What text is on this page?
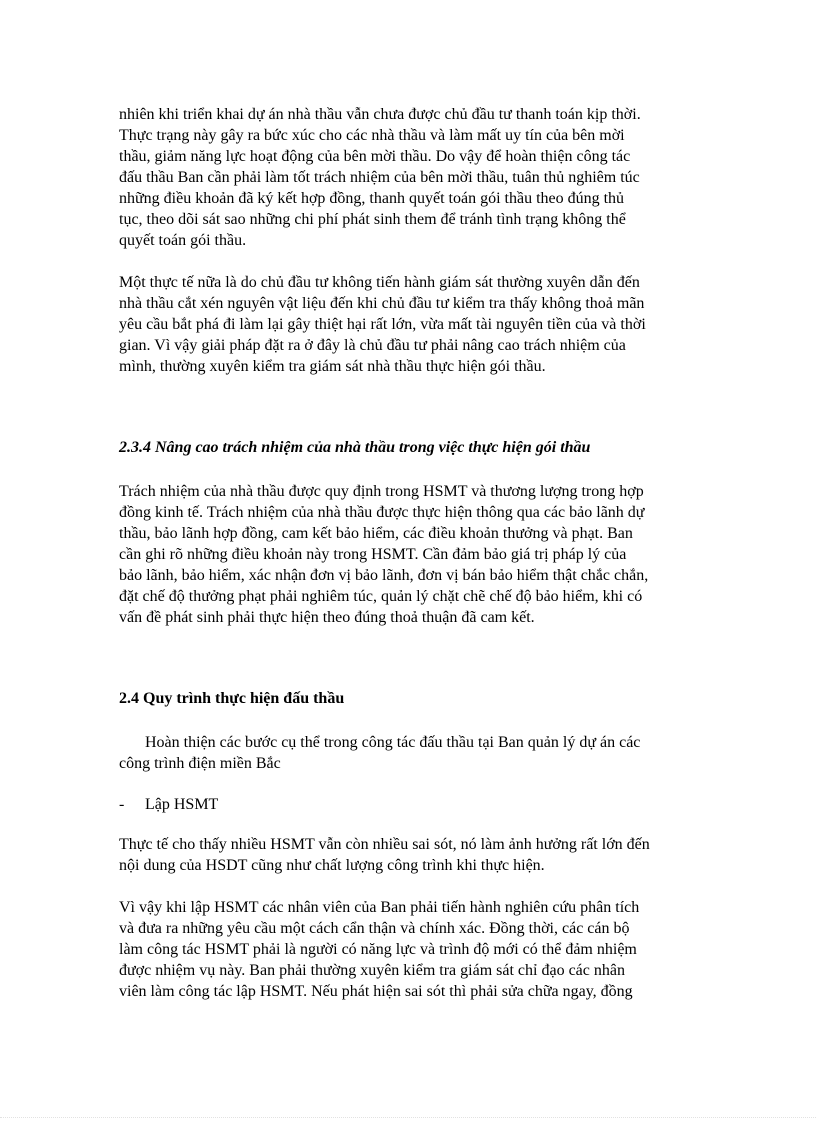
nhiên khi triển khai dự án nhà thầu vẫn chưa được chủ đầu tư thanh toán kịp thời.
Thực trạng này gây ra bức xúc cho các nhà thầu và làm mất uy tín của bên mời
thầu, giảm năng lực hoạt động của bên mời thầu. Do vậy để hoàn thiện công tác
đấu thầu Ban cần phải làm tốt trách nhiệm của bên mời thầu, tuân thủ nghiêm túc
những điều khoản đã ký kết hợp đồng, thanh quyết toán gói thầu theo đúng thủ
tục, theo dõi sát sao những chi phí phát sinh them để tránh tình trạng không thể
quyết toán gói thầu.
Một thực tế nữa là do chủ đầu tư không tiến hành giám sát thường xuyên dẫn đến
nhà thầu cắt xén nguyên vật liệu đến khi chủ đầu tư kiểm tra thấy không thoả mãn
yêu cầu bắt phá đi làm lại gây thiệt hại rất lớn, vừa mất tài nguyên tiền của và thời
gian. Vì vậy giải pháp đặt ra ở đây là chủ đầu tư phải nâng cao trách nhiệm của
mình, thường xuyên kiểm tra giám sát nhà thầu thực hiện gói thầu.
2.3.4 Nâng cao trách nhiệm của nhà thầu trong việc thực hiện gói thầu
Trách nhiệm của nhà thầu được quy định trong HSMT và thương lượng trong hợp
đồng kinh tế. Trách nhiệm của nhà thầu được thực hiện thông qua các bảo lãnh dự
thầu, bảo lãnh hợp đồng, cam kết bảo hiểm, các điều khoản thưởng và phạt. Ban
cần ghi rõ những điều khoản này trong HSMT. Cần đảm bảo giá trị pháp lý của
bảo lãnh, bảo hiểm, xác nhận đơn vị bảo lãnh, đơn vị bán bảo hiểm thật chắc chắn,
đặt chế độ thưởng phạt phải nghiêm túc, quản lý chặt chẽ chế độ bảo hiểm, khi có
vấn đề phát sinh phải thực hiện theo đúng thoả thuận đã cam kết.
2.4 Quy trình thực hiện đấu thầu
Hoàn thiện các bước cụ thể trong công tác đấu thầu tại Ban quản lý dự án các
công trình điện miền Bắc
- Lập HSMT
Thực tế cho thấy nhiều HSMT vẫn còn nhiều sai sót, nó làm ảnh hưởng rất lớn đến
nội dung của HSDT cũng như chất lượng công trình khi thực hiện.
Vì vậy khi lập HSMT các nhân viên của Ban phải tiến hành nghiên cứu phân tích
và đưa ra những yêu cầu một cách cẩn thận và chính xác. Đồng thời, các cán bộ
làm công tác HSMT phải là người có năng lực và trình độ mới có thể đảm nhiệm
được nhiệm vụ này. Ban phải thường xuyên kiểm tra giám sát chỉ đạo các nhân
viên làm công tác lập HSMT. Nếu phát hiện sai sót thì phải sửa chữa ngay, đồng
